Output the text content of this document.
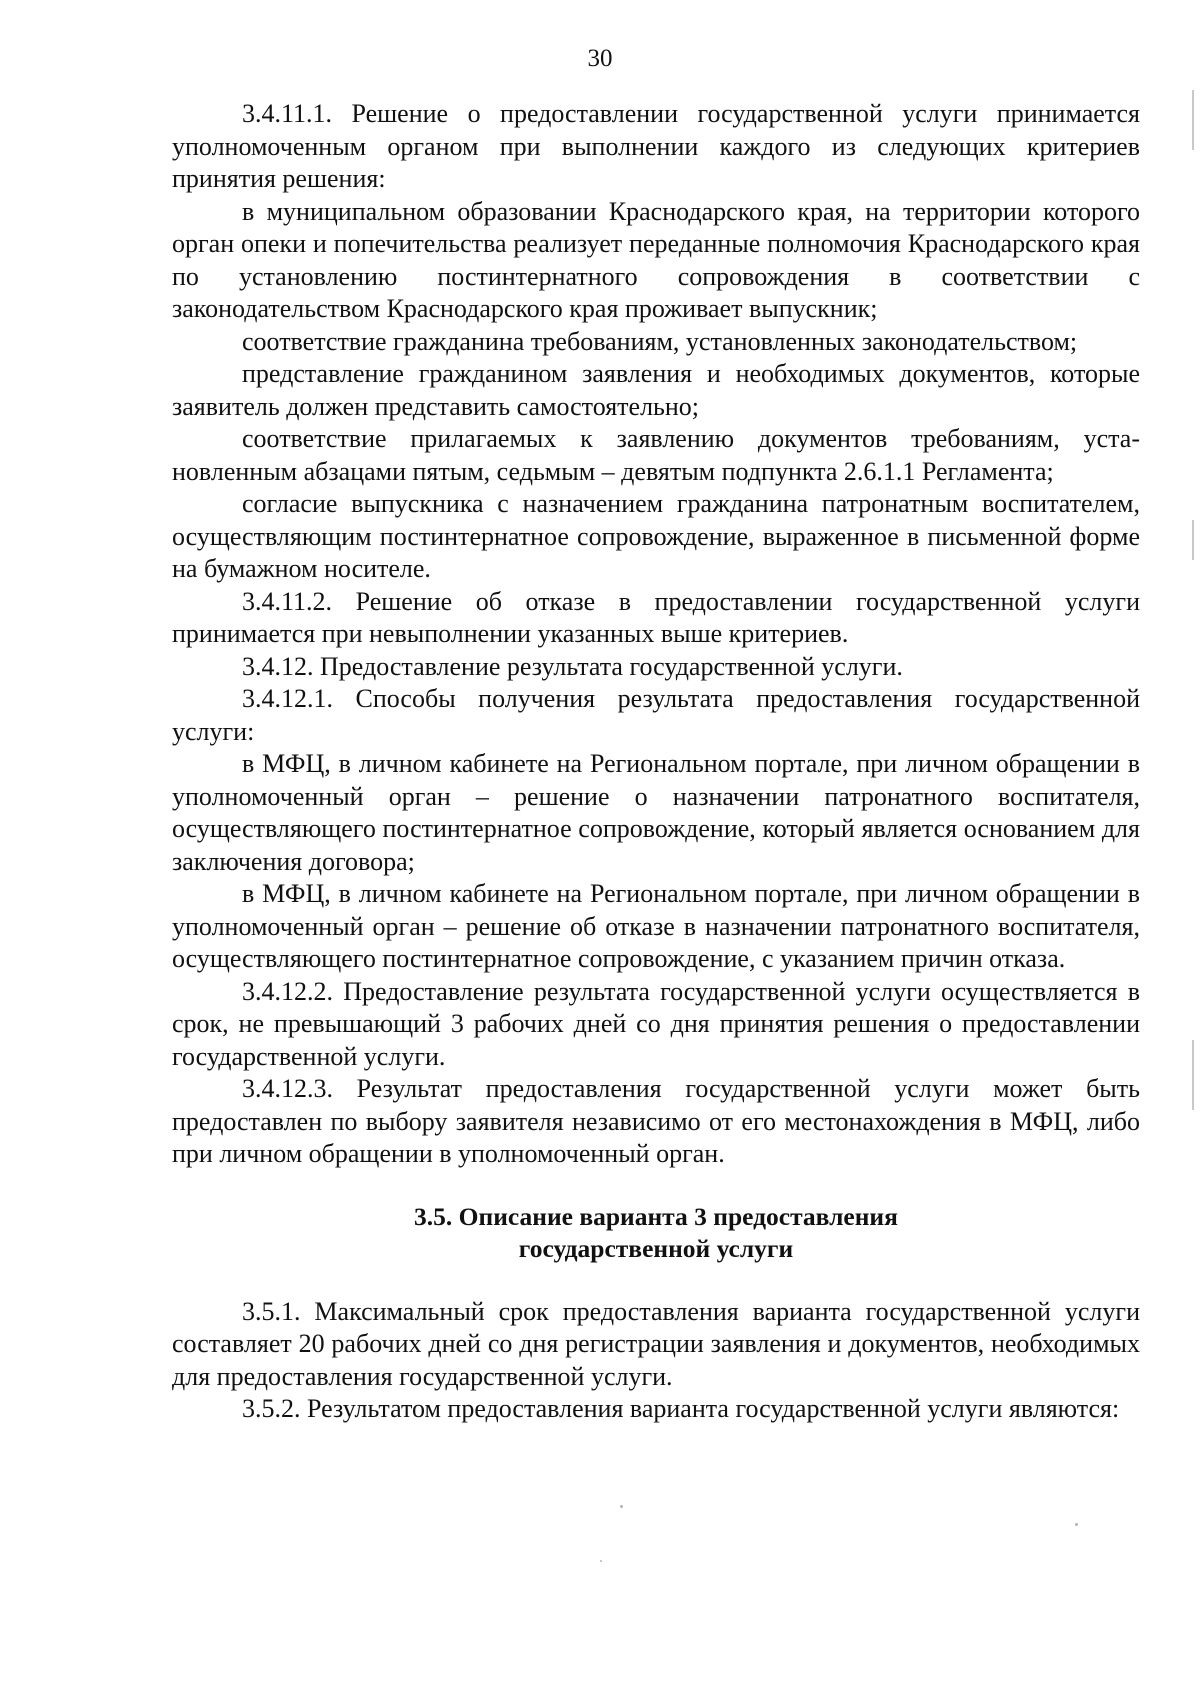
30

3.4.11.1. Решение о предоставлении государственной услуги принимается уполномоченным органом при выполнении каждого из следующих критериев принятия решения:

в муниципальном образовании Краснодарского края, на территории которого орган опеки и попечительства реализует переданные полномочия Краснодарского края по установлению постинтернатного сопровождения в соответствии с законодательством Краснодарского края проживает выпускник;

соответствие гражданина требованиям, установленных законодательством;

представление гражданином заявления и необходимых документов, которые заявитель должен представить самостоятельно;

соответствие прилагаемых к заявлению документов требованиям, установленным абзацами пятым, седьмым – девятым подпункта 2.6.1.1 Регламента;

согласие выпускника с назначением гражданина патронатным воспитателем, осуществляющим постинтернатное сопровождение, выраженное в письменной форме на бумажном носителе.

3.4.11.2. Решение об отказе в предоставлении государственной услуги принимается при невыполнении указанных выше критериев.

3.4.12. Предоставление результата государственной услуги.

3.4.12.1. Способы получения результата предоставления государственной услуги:

в МФЦ, в личном кабинете на Региональном портале, при личном обращении в уполномоченный орган – решение о назначении патронатного воспитателя, осуществляющего постинтернатное сопровождение, который является основанием для заключения договора;

в МФЦ, в личном кабинете на Региональном портале, при личном обращении в уполномоченный орган – решение об отказе в назначении патронатного воспитателя, осуществляющего постинтернатное сопровождение, с указанием причин отказа.

3.4.12.2. Предоставление результата государственной услуги осуществляется в срок, не превышающий 3 рабочих дней со дня принятия решения о предоставлении государственной услуги.

3.4.12.3. Результат предоставления государственной услуги может быть предоставлен по выбору заявителя независимо от его местонахождения в МФЦ, либо при личном обращении в уполномоченный орган.

3.5. Описание варианта 3 предоставления
государственной услуги

3.5.1. Максимальный срок предоставления варианта государственной услуги составляет 20 рабочих дней со дня регистрации заявления и документов, необходимых для предоставления государственной услуги.

3.5.2. Результатом предоставления варианта государственной услуги являются:
